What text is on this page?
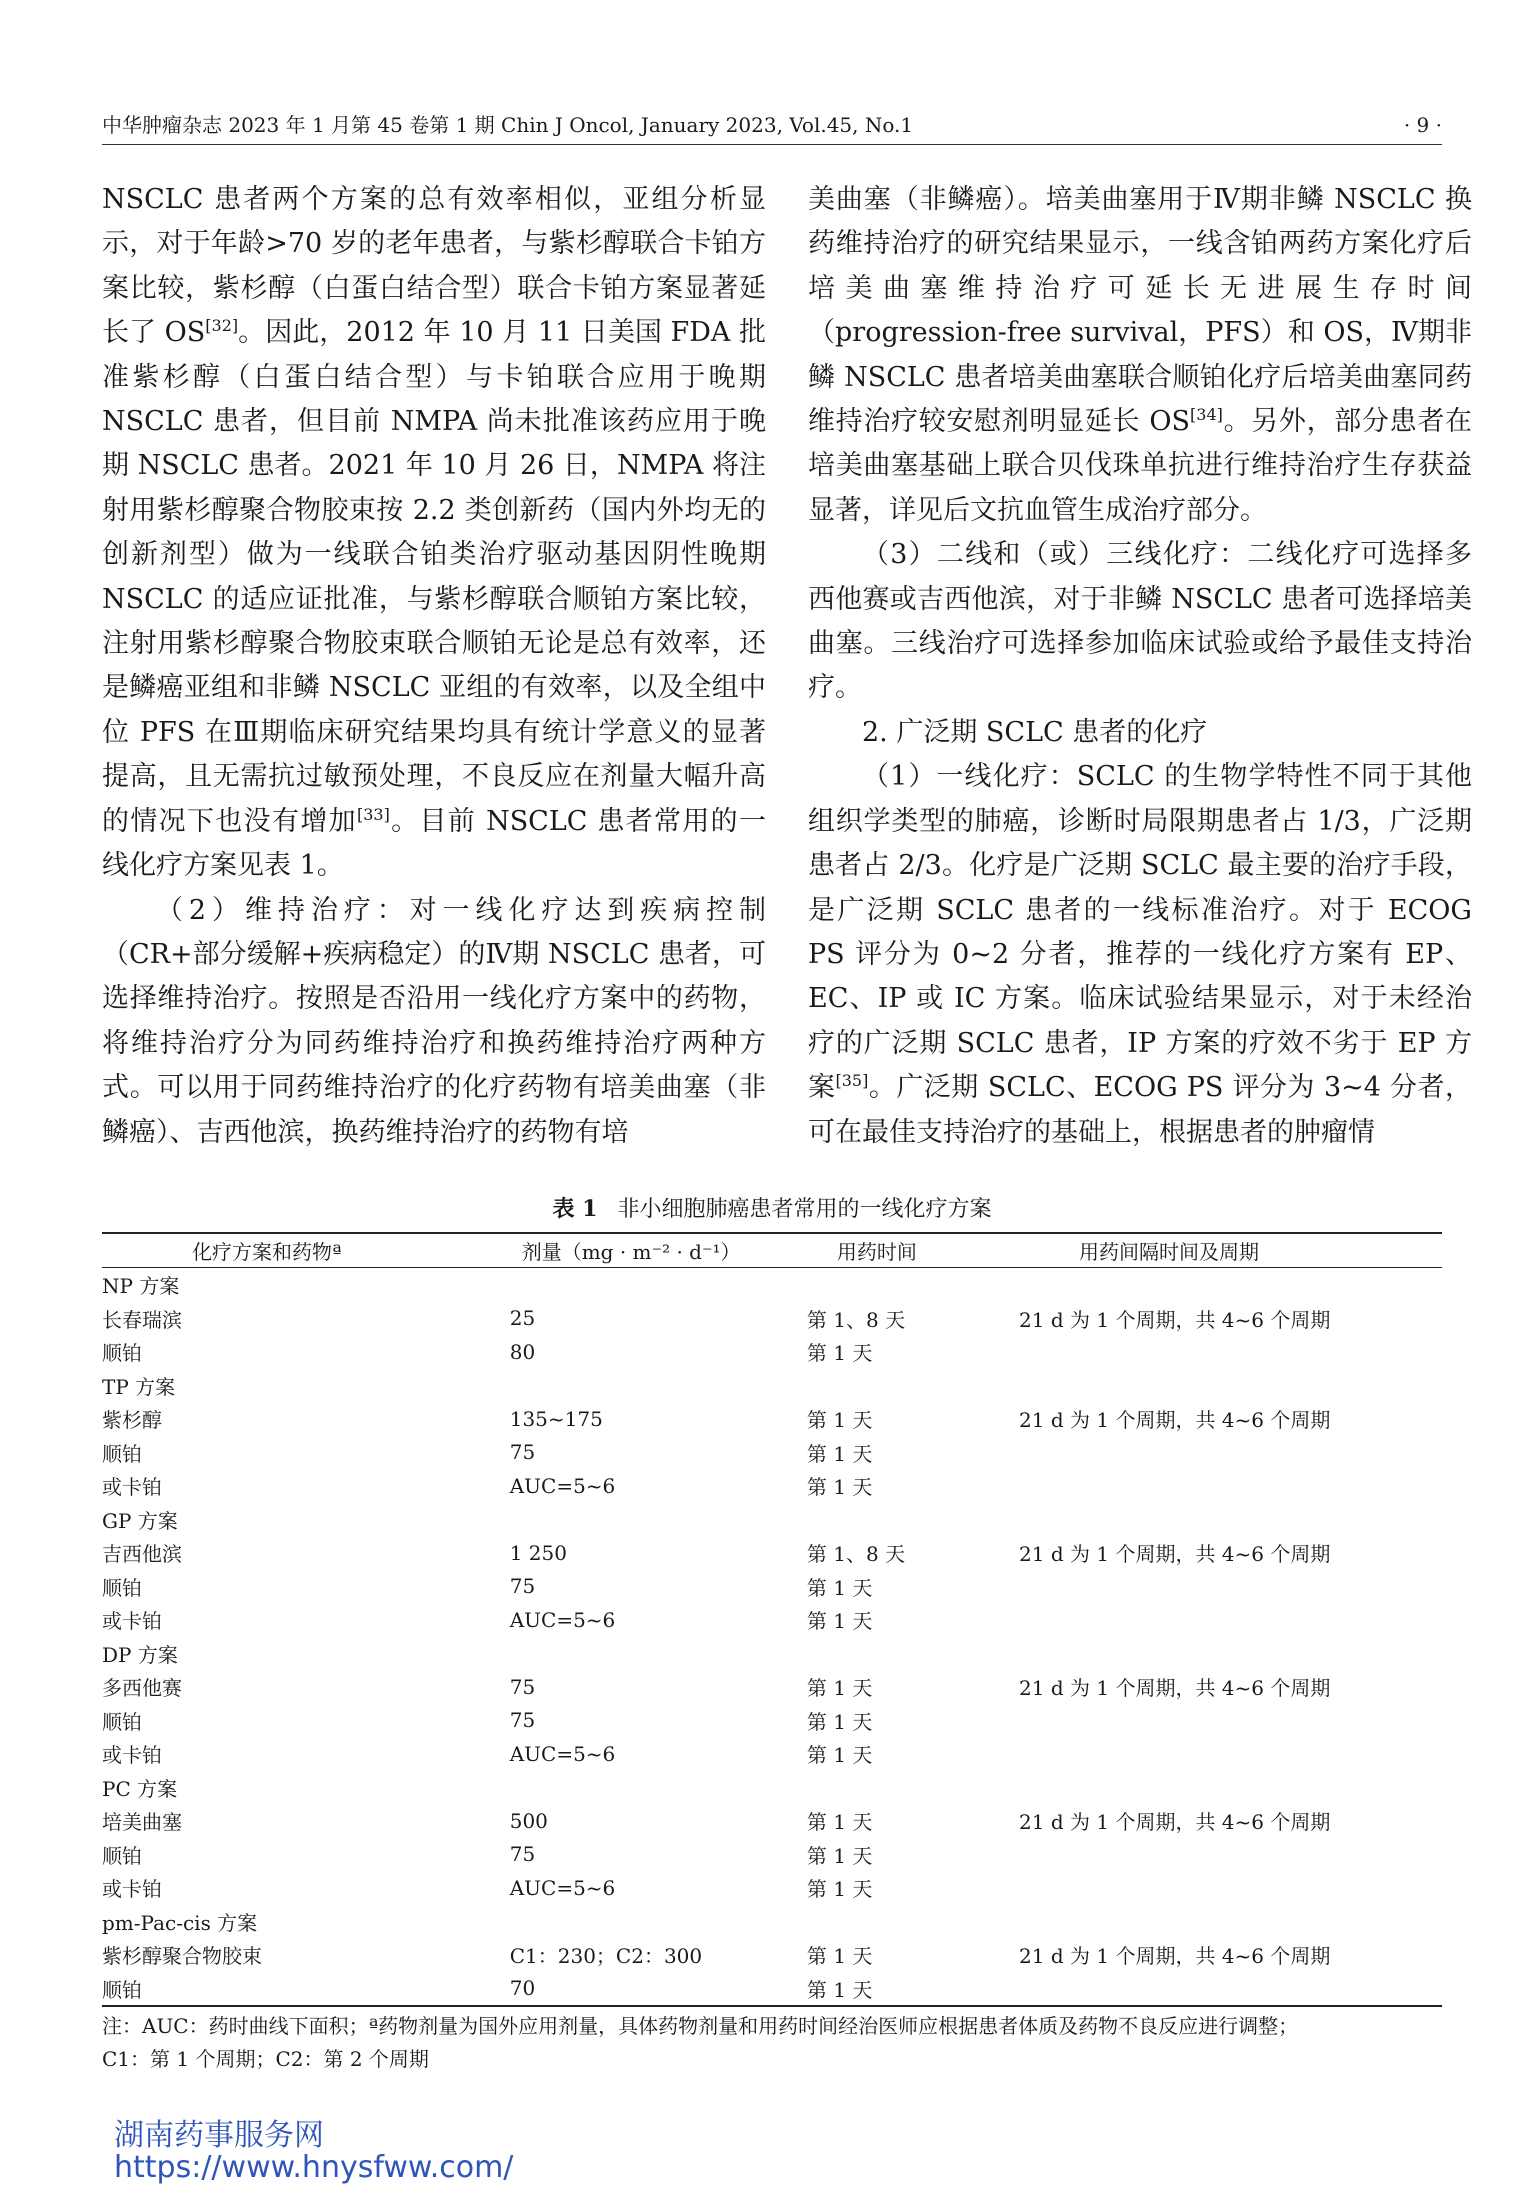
中华肿瘤杂志 2023 年 1 月第 45 卷第 1 期 Chin J Oncol, January 2023, Vol.45, No.1	· 9 ·

NSCLC 患者两个方案的总有效率相似，亚组分析显示，对于年龄>70 岁的老年患者，与紫杉醇联合卡铂方案比较，紫杉醇（白蛋白结合型）联合卡铂方案显著延长了 OS[32]。因此，2012 年 10 月 11 日美国 FDA 批准紫杉醇（白蛋白结合型）与卡铂联合应用于晚期 NSCLC 患者，但目前 NMPA 尚未批准该药应用于晚期 NSCLC 患者。2021 年 10 月 26 日，NMPA 将注射用紫杉醇聚合物胶束按 2.2 类创新药（国内外均无的创新剂型）做为一线联合铂类治疗驱动基因阴性晚期 NSCLC 的适应证批准，与紫杉醇联合顺铂方案比较，注射用紫杉醇聚合物胶束联合顺铂无论是总有效率，还是鳞癌亚组和非鳞 NSCLC 亚组的有效率，以及全组中位 PFS 在Ⅲ期临床研究结果均具有统计学意义的显著提高，且无需抗过敏预处理，不良反应在剂量大幅升高的情况下也没有增加[33]。目前 NSCLC 患者常用的一线化疗方案见表 1。

（2）维持治疗：对一线化疗达到疾病控制（CR+部分缓解+疾病稳定）的Ⅳ期 NSCLC 患者，可选择维持治疗。按照是否沿用一线化疗方案中的药物，将维持治疗分为同药维持治疗和换药维持治疗两种方式。可以用于同药维持治疗的化疗药物有培美曲塞（非鳞癌）、吉西他滨，换药维持治疗的药物有培

美曲塞（非鳞癌）。培美曲塞用于Ⅳ期非鳞 NSCLC 换药维持治疗的研究结果显示，一线含铂两药方案化疗后培美曲塞维持治疗可延长无进展生存时间（progression-free survival，PFS）和 OS，Ⅳ期非鳞 NSCLC 患者培美曲塞联合顺铂化疗后培美曲塞同药维持治疗较安慰剂明显延长 OS[34]。另外，部分患者在培美曲塞基础上联合贝伐珠单抗进行维持治疗生存获益显著，详见后文抗血管生成治疗部分。

（3）二线和（或）三线化疗：二线化疗可选择多西他赛或吉西他滨，对于非鳞 NSCLC 患者可选择培美曲塞。三线治疗可选择参加临床试验或给予最佳支持治疗。

2. 广泛期 SCLC 患者的化疗

（1）一线化疗：SCLC 的生物学特性不同于其他组织学类型的肺癌，诊断时局限期患者占 1/3，广泛期患者占 2/3。化疗是广泛期 SCLC 最主要的治疗手段，是广泛期 SCLC 患者的一线标准治疗。对于 ECOG PS 评分为 0~2 分者，推荐的一线化疗方案有 EP、EC、IP 或 IC 方案。临床试验结果显示，对于未经治疗的广泛期 SCLC 患者，IP 方案的疗效不劣于 EP 方案[35]。广泛期 SCLC、ECOG PS 评分为 3~4 分者，可在最佳支持治疗的基础上，根据患者的肿瘤情

表 1 非小细胞肺癌患者常用的一线化疗方案
化疗方案和药物ª	剂量（mg · m⁻² · d⁻¹）	用药时间	用药间隔时间及周期
NP 方案			
长春瑞滨	25	第 1、8 天	21 d 为 1 个周期，共 4~6 个周期
顺铂	80	第 1 天	
TP 方案			
紫杉醇	135~175	第 1 天	21 d 为 1 个周期，共 4~6 个周期
顺铂	75	第 1 天	
或卡铂	AUC=5~6	第 1 天	
GP 方案			
吉西他滨	1 250	第 1、8 天	21 d 为 1 个周期，共 4~6 个周期
顺铂	75	第 1 天	
或卡铂	AUC=5~6	第 1 天	
DP 方案			
多西他赛	75	第 1 天	21 d 为 1 个周期，共 4~6 个周期
顺铂	75	第 1 天	
或卡铂	AUC=5~6	第 1 天	
PC 方案			
培美曲塞	500	第 1 天	21 d 为 1 个周期，共 4~6 个周期
顺铂	75	第 1 天	
或卡铂	AUC=5~6	第 1 天	
pm-Pac-cis 方案			
紫杉醇聚合物胶束	C1：230；C2：300	第 1 天	21 d 为 1 个周期，共 4~6 个周期
顺铂	70	第 1 天	
注：AUC：药时曲线下面积；ª药物剂量为国外应用剂量，具体药物剂量和用药时间经治医师应根据患者体质及药物不良反应进行调整；
C1：第 1 个周期；C2：第 2 个周期
湖南药事服务网
https://www.hnysfww.com/
